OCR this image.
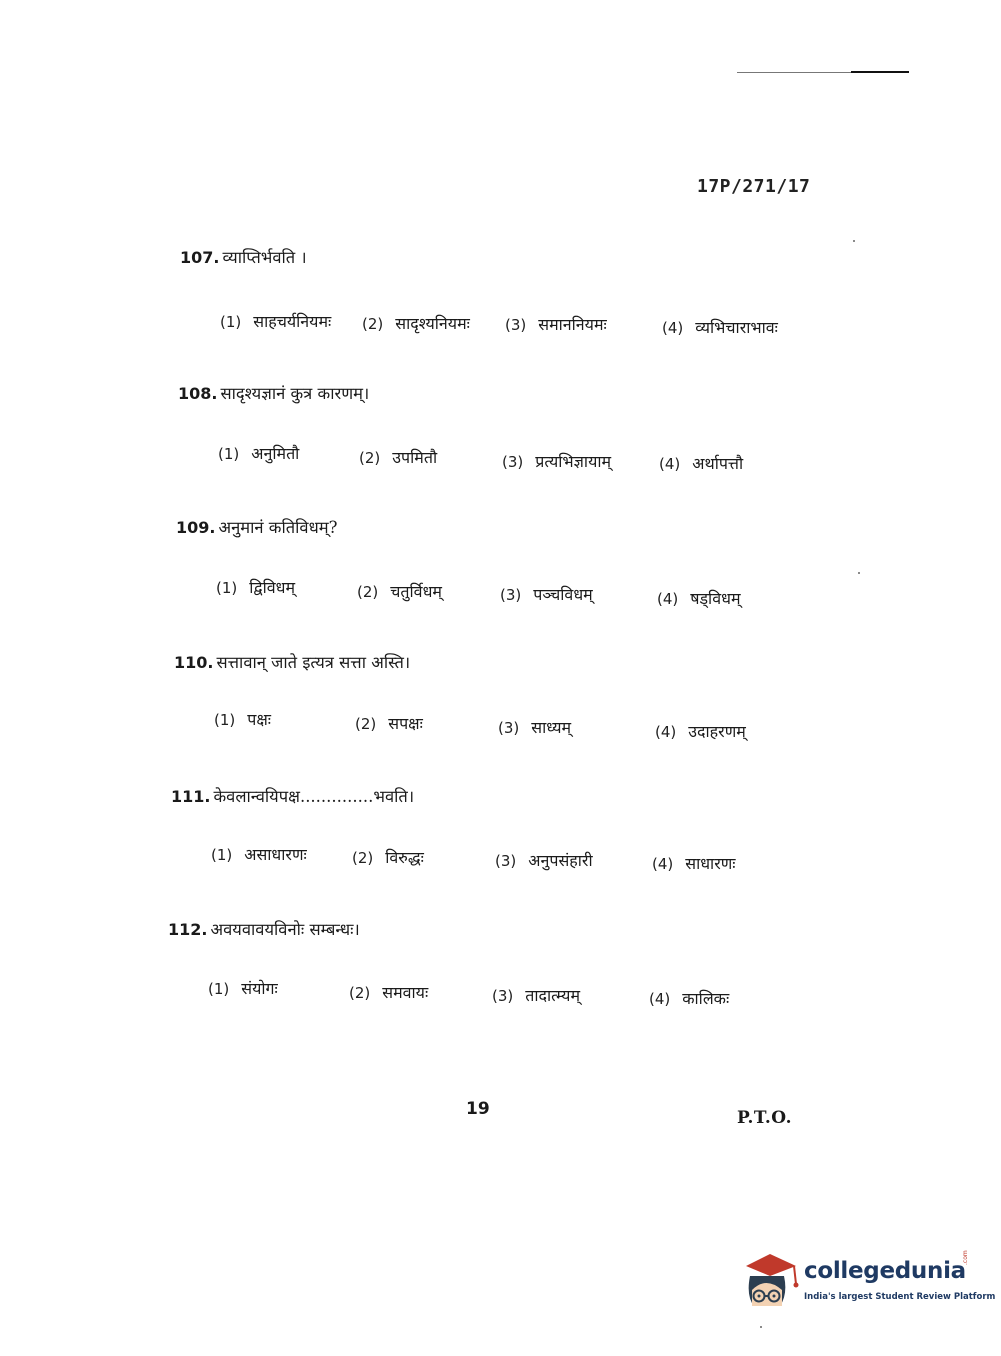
17P/271/17
107. व्याप्तिर्भवति ।
(1) साहचर्यनियमः (2) सादृश्यनियमः (3) समाननियमः	(4) व्यभिचाराभावः
108. सादृश्यज्ञानं कुत्र कारणम्।
(1) अनुमितौ	(2) उपमितौ	(3) प्रत्यभिज्ञायाम्	(4) अर्थापत्तौ
109. अनुमानं कतिविधम्?
(1) द्विविधम्	(2) चतुर्विधम्	(3) पञ्चविधम्	(4) षड्विधम्
110. सत्तावान् जाते इत्यत्र सत्ता अस्ति।
(1) पक्षः	(2) सपक्षः	(3) साध्यम्	(4) उदाहरणम्
111. केवलान्वयिपक्ष..............भवति।
(1) असाधारणः	(2) विरुद्धः	(3) अनुपसंहारी	(4) साधारणः
112. अवयवावयविनोः सम्बन्धः।
(1) संयोगः	(2) समवायः	(3) तादात्म्यम्	(4) कालिकः
19	P.T.O.
collegedunia
.com
India's largest Student Review Platform
